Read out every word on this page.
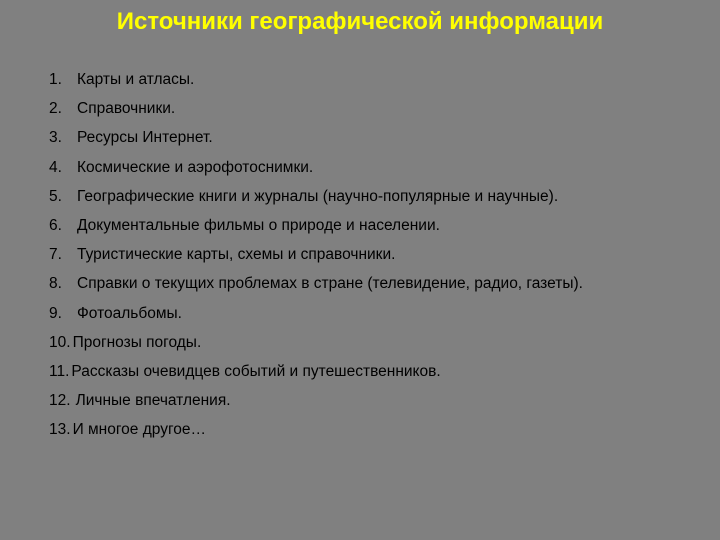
Источники географической информации
1. Карты и атласы.
2. Справочники.
3. Ресурсы Интернет.
4. Космические и аэрофотоснимки.
5. Географические книги и журналы (научно-популярные и научные).
6. Документальные фильмы о природе и населении.
7. Туристические карты, схемы и справочники.
8. Справки о текущих проблемах в стране (телевидение, радио, газеты).
9. Фотоальбомы.
10. Прогнозы погоды.
11. Рассказы очевидцев событий и путешественников.
12. Личные впечатления.
13. И многое другое…
